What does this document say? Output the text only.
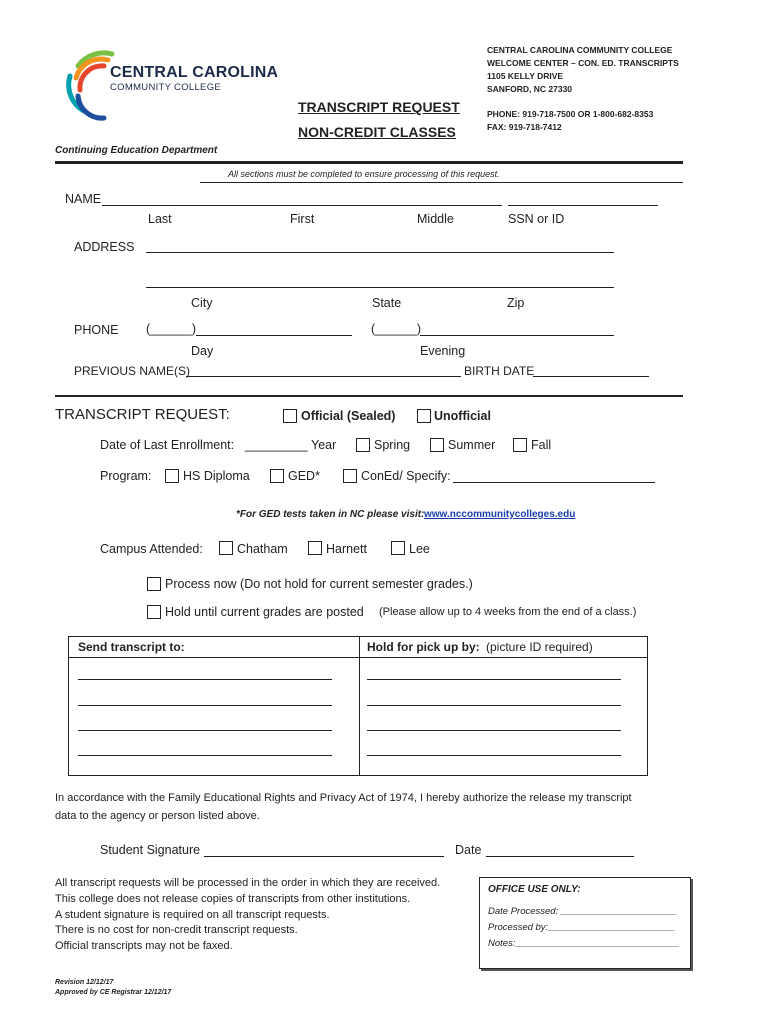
CENTRAL CAROLINA
COMMUNITY COLLEGE
CENTRAL CAROLINA COMMUNITY COLLEGE
WELCOME CENTER – CON. ED. TRANSCRIPTS
1105 KELLY DRIVE
SANFORD, NC 27330
PHONE: 919-718-7500 OR 1-800-682-8353
FAX: 919-718-7412
TRANSCRIPT REQUEST
NON-CREDIT CLASSES
Continuing Education Department
All sections must be completed to ensure processing of this request.
NAME
Last	First	Middle	SSN or ID
ADDRESS
City	State	Zip
PHONE (______)	(______)
Day	Evening
PREVIOUS NAME(S)	BIRTH DATE
TRANSCRIPT REQUEST:	Official (Sealed)	Unofficial
Date of Last Enrollment: _________ Year	Spring	Summer	Fall
Program:	HS Diploma	GED*	ConEd/ Specify:
*For GED tests taken in NC please visit: www.nccommunitycolleges.edu
Campus Attended:	Chatham	Harnett	Lee
Process now (Do not hold for current semester grades.)
Hold until current grades are posted (Please allow up to 4 weeks from the end of a class.)
Send transcript to:	Hold for pick up by: (picture ID required)
In accordance with the Family Educational Rights and Privacy Act of 1974, I hereby authorize the release my transcript
data to the agency or person listed above.
Student Signature	Date
All transcript requests will be processed in the order in which they are received.
This college does not release copies of transcripts from other institutions.
A student signature is required on all transcript requests.
There is no cost for non-credit transcript requests.
Official transcripts may not be faxed.
OFFICE USE ONLY:
Date Processed: ______________________
Processed by:________________________
Notes:_______________________________
Revision 12/12/17
Approved by CE Registrar 12/12/17
